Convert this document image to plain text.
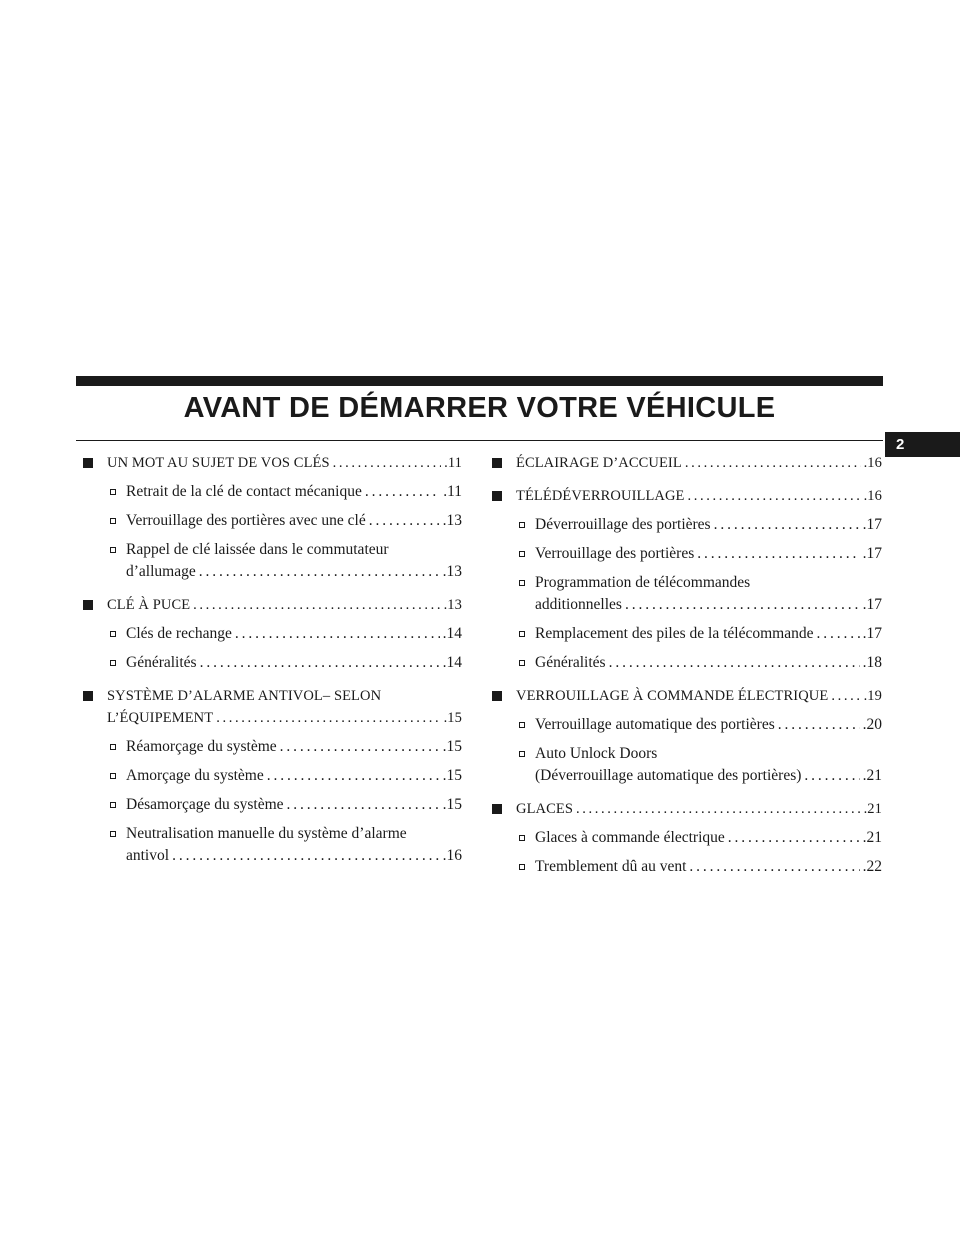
AVANT DE DÉMARRER VOTRE VÉHICULE
2
UN MOT AU SUJET DE VOS CLÉS . . .	.11
Retrait de la clé de contact mécanique . . .	.11
Verrouillage des portières avec une clé . . .	.13
Rappel de clé laissée dans le commutateur
d’allumage . . .	.13
CLÉ À PUCE . . .	.13
Clés de rechange . . .	.14
Généralités . . .	.14
SYSTÈME D’ALARME ANTIVOL– SELON
L’ÉQUIPEMENT . . .	.15
Réamorçage du système . . .	.15
Amorçage du système . . .	.15
Désamorçage du système . . .	.15
Neutralisation manuelle du système d’alarme
antivol . . .	.16
ÉCLAIRAGE D’ACCUEIL . . .	.16
TÉLÉDÉVERROUILLAGE . . .	.16
Déverrouillage des portières . . .	.17
Verrouillage des portières . . .	.17
Programmation de télécommandes
additionnelles . . .	.17
Remplacement des piles de la télécommande . . .	.17
Généralités . . .	.18
VERROUILLAGE À COMMANDE ÉLECTRIQUE . . . .19
Verrouillage automatique des portières . . .	.20
Auto Unlock Doors
(Déverrouillage automatique des portières) . . .	.21
GLACES . . .	.21
Glaces à commande électrique . . .	.21
Tremblement dû au vent . . .	.22
